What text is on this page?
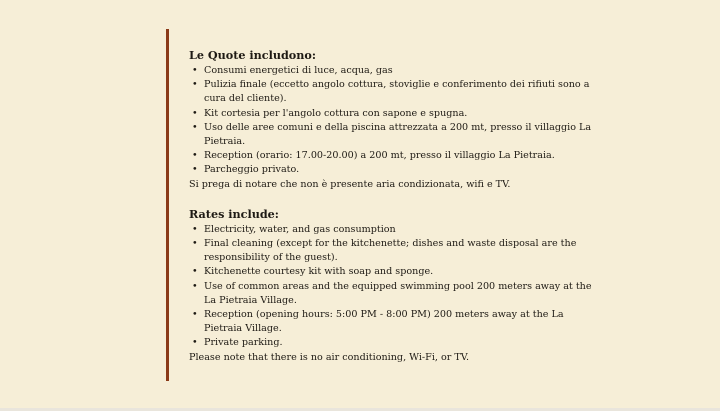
Le Quote includono:
• Consumi energetici di luce, acqua, gas
• Pulizia finale (eccetto angolo cottura, stoviglie e conferimento dei rifiuti sono a cura del cliente).
• Kit cortesia per l'angolo cottura con sapone e spugna.
• Uso delle aree comuni e della piscina attrezzata a 200 mt, presso il villaggio La Pietraia.
• Reception (orario: 17.00-20.00) a 200 mt, presso il villaggio La Pietraia.
• Parcheggio privato.

Si prega di notare che non è presente aria condizionata, wifi e TV.

Rates include:
• Electricity, water, and gas consumption
• Final cleaning (except for the kitchenette; dishes and waste disposal are the responsibility of the guest).
• Kitchenette courtesy kit with soap and sponge.
• Use of common areas and the equipped swimming pool 200 meters away at the La Pietraia Village.
• Reception (opening hours: 5:00 PM - 8:00 PM) 200 meters away at the La Pietraia Village.
• Private parking.

Please note that there is no air conditioning, Wi-Fi, or TV.
